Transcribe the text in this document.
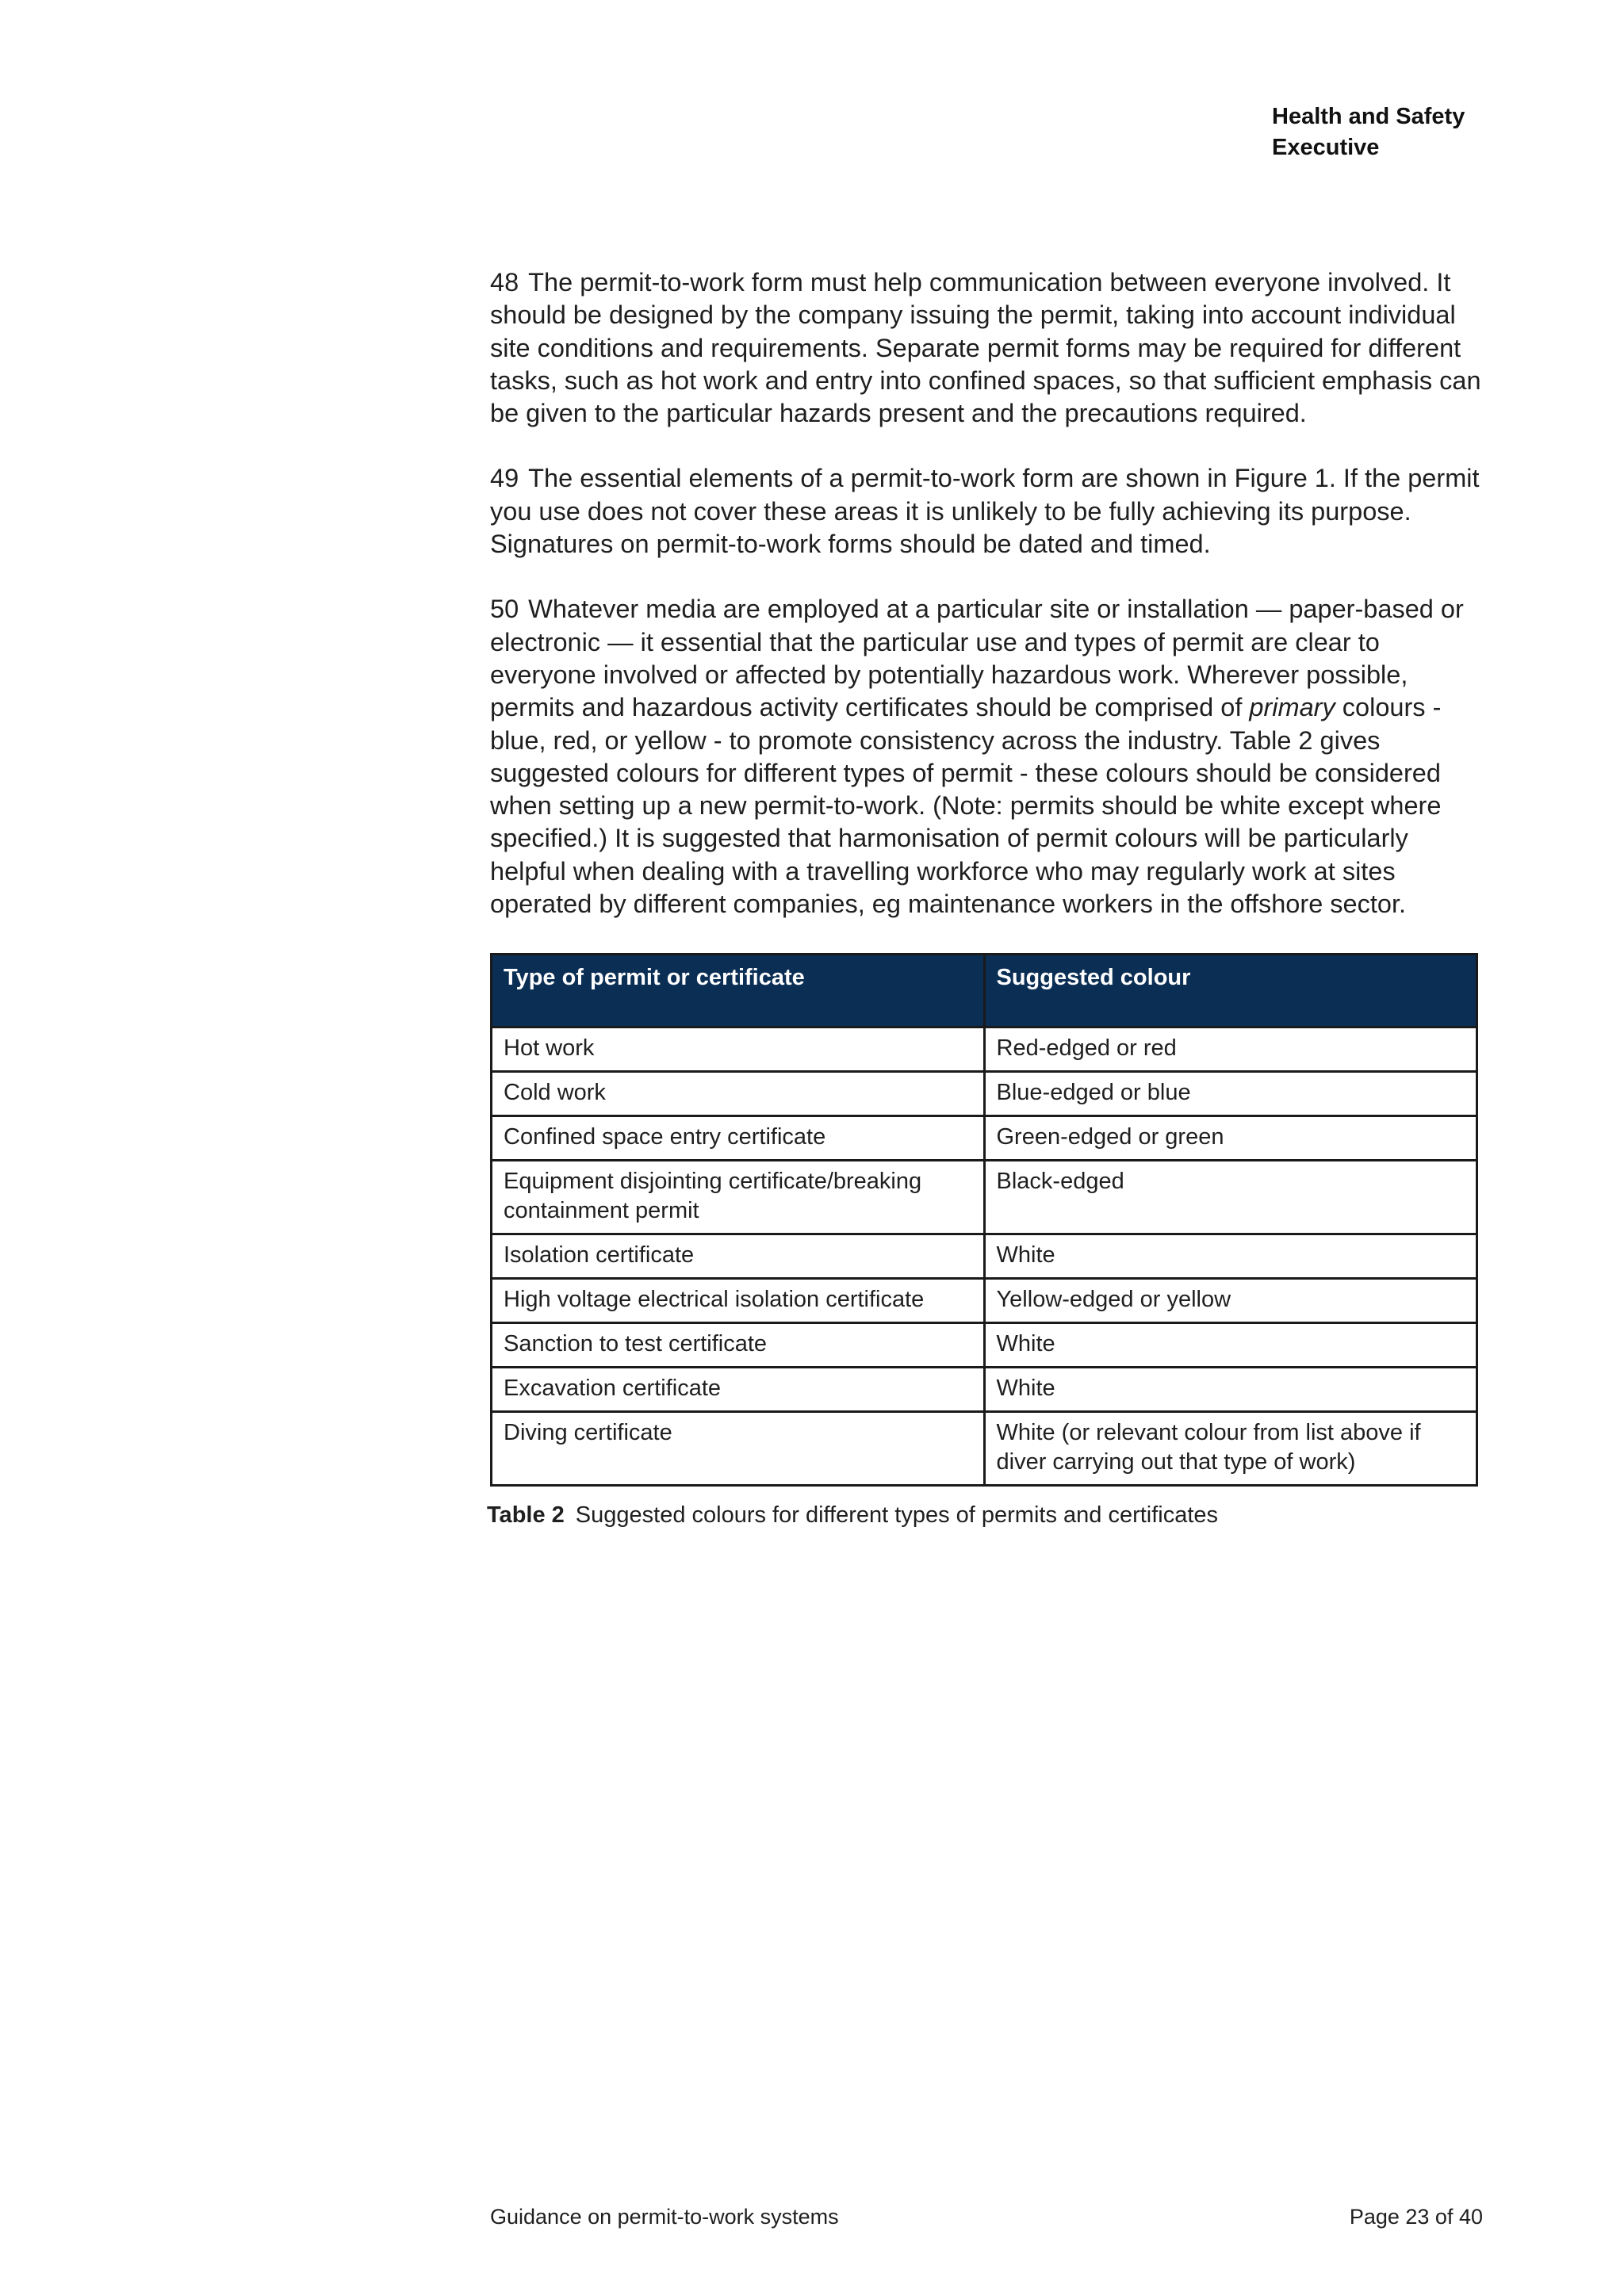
Health and Safety
Executive

48 The permit-to-work form must help communication between everyone involved. It should be designed by the company issuing the permit, taking into account individual site conditions and requirements. Separate permit forms may be required for different tasks, such as hot work and entry into confined spaces, so that sufficient emphasis can be given to the particular hazards present and the precautions required.

49 The essential elements of a permit-to-work form are shown in Figure 1. If the permit you use does not cover these areas it is unlikely to be fully achieving its purpose. Signatures on permit-to-work forms should be dated and timed.

50 Whatever media are employed at a particular site or installation — paper-based or electronic — it essential that the particular use and types of permit are clear to everyone involved or affected by potentially hazardous work. Wherever possible, permits and hazardous activity certificates should be comprised of primary colours - blue, red, or yellow - to promote consistency across the industry. Table 2 gives suggested colours for different types of permit - these colours should be considered when setting up a new permit-to-work. (Note: permits should be white except where specified.) It is suggested that harmonisation of permit colours will be particularly helpful when dealing with a travelling workforce who may regularly work at sites operated by different companies, eg maintenance workers in the offshore sector.

Type of permit or certificate	Suggested colour
Hot work	Red-edged or red
Cold work	Blue-edged or blue
Confined space entry certificate	Green-edged or green
Equipment disjointing certificate/breaking containment permit	Black-edged
Isolation certificate	White
High voltage electrical isolation certificate	Yellow-edged or yellow
Sanction to test certificate	White
Excavation certificate	White
Diving certificate	White (or relevant colour from list above if diver carrying out that type of work)
Table 2 Suggested colours for different types of permits and certificates
Guidance on permit-to-work systems	Page 23 of 40
